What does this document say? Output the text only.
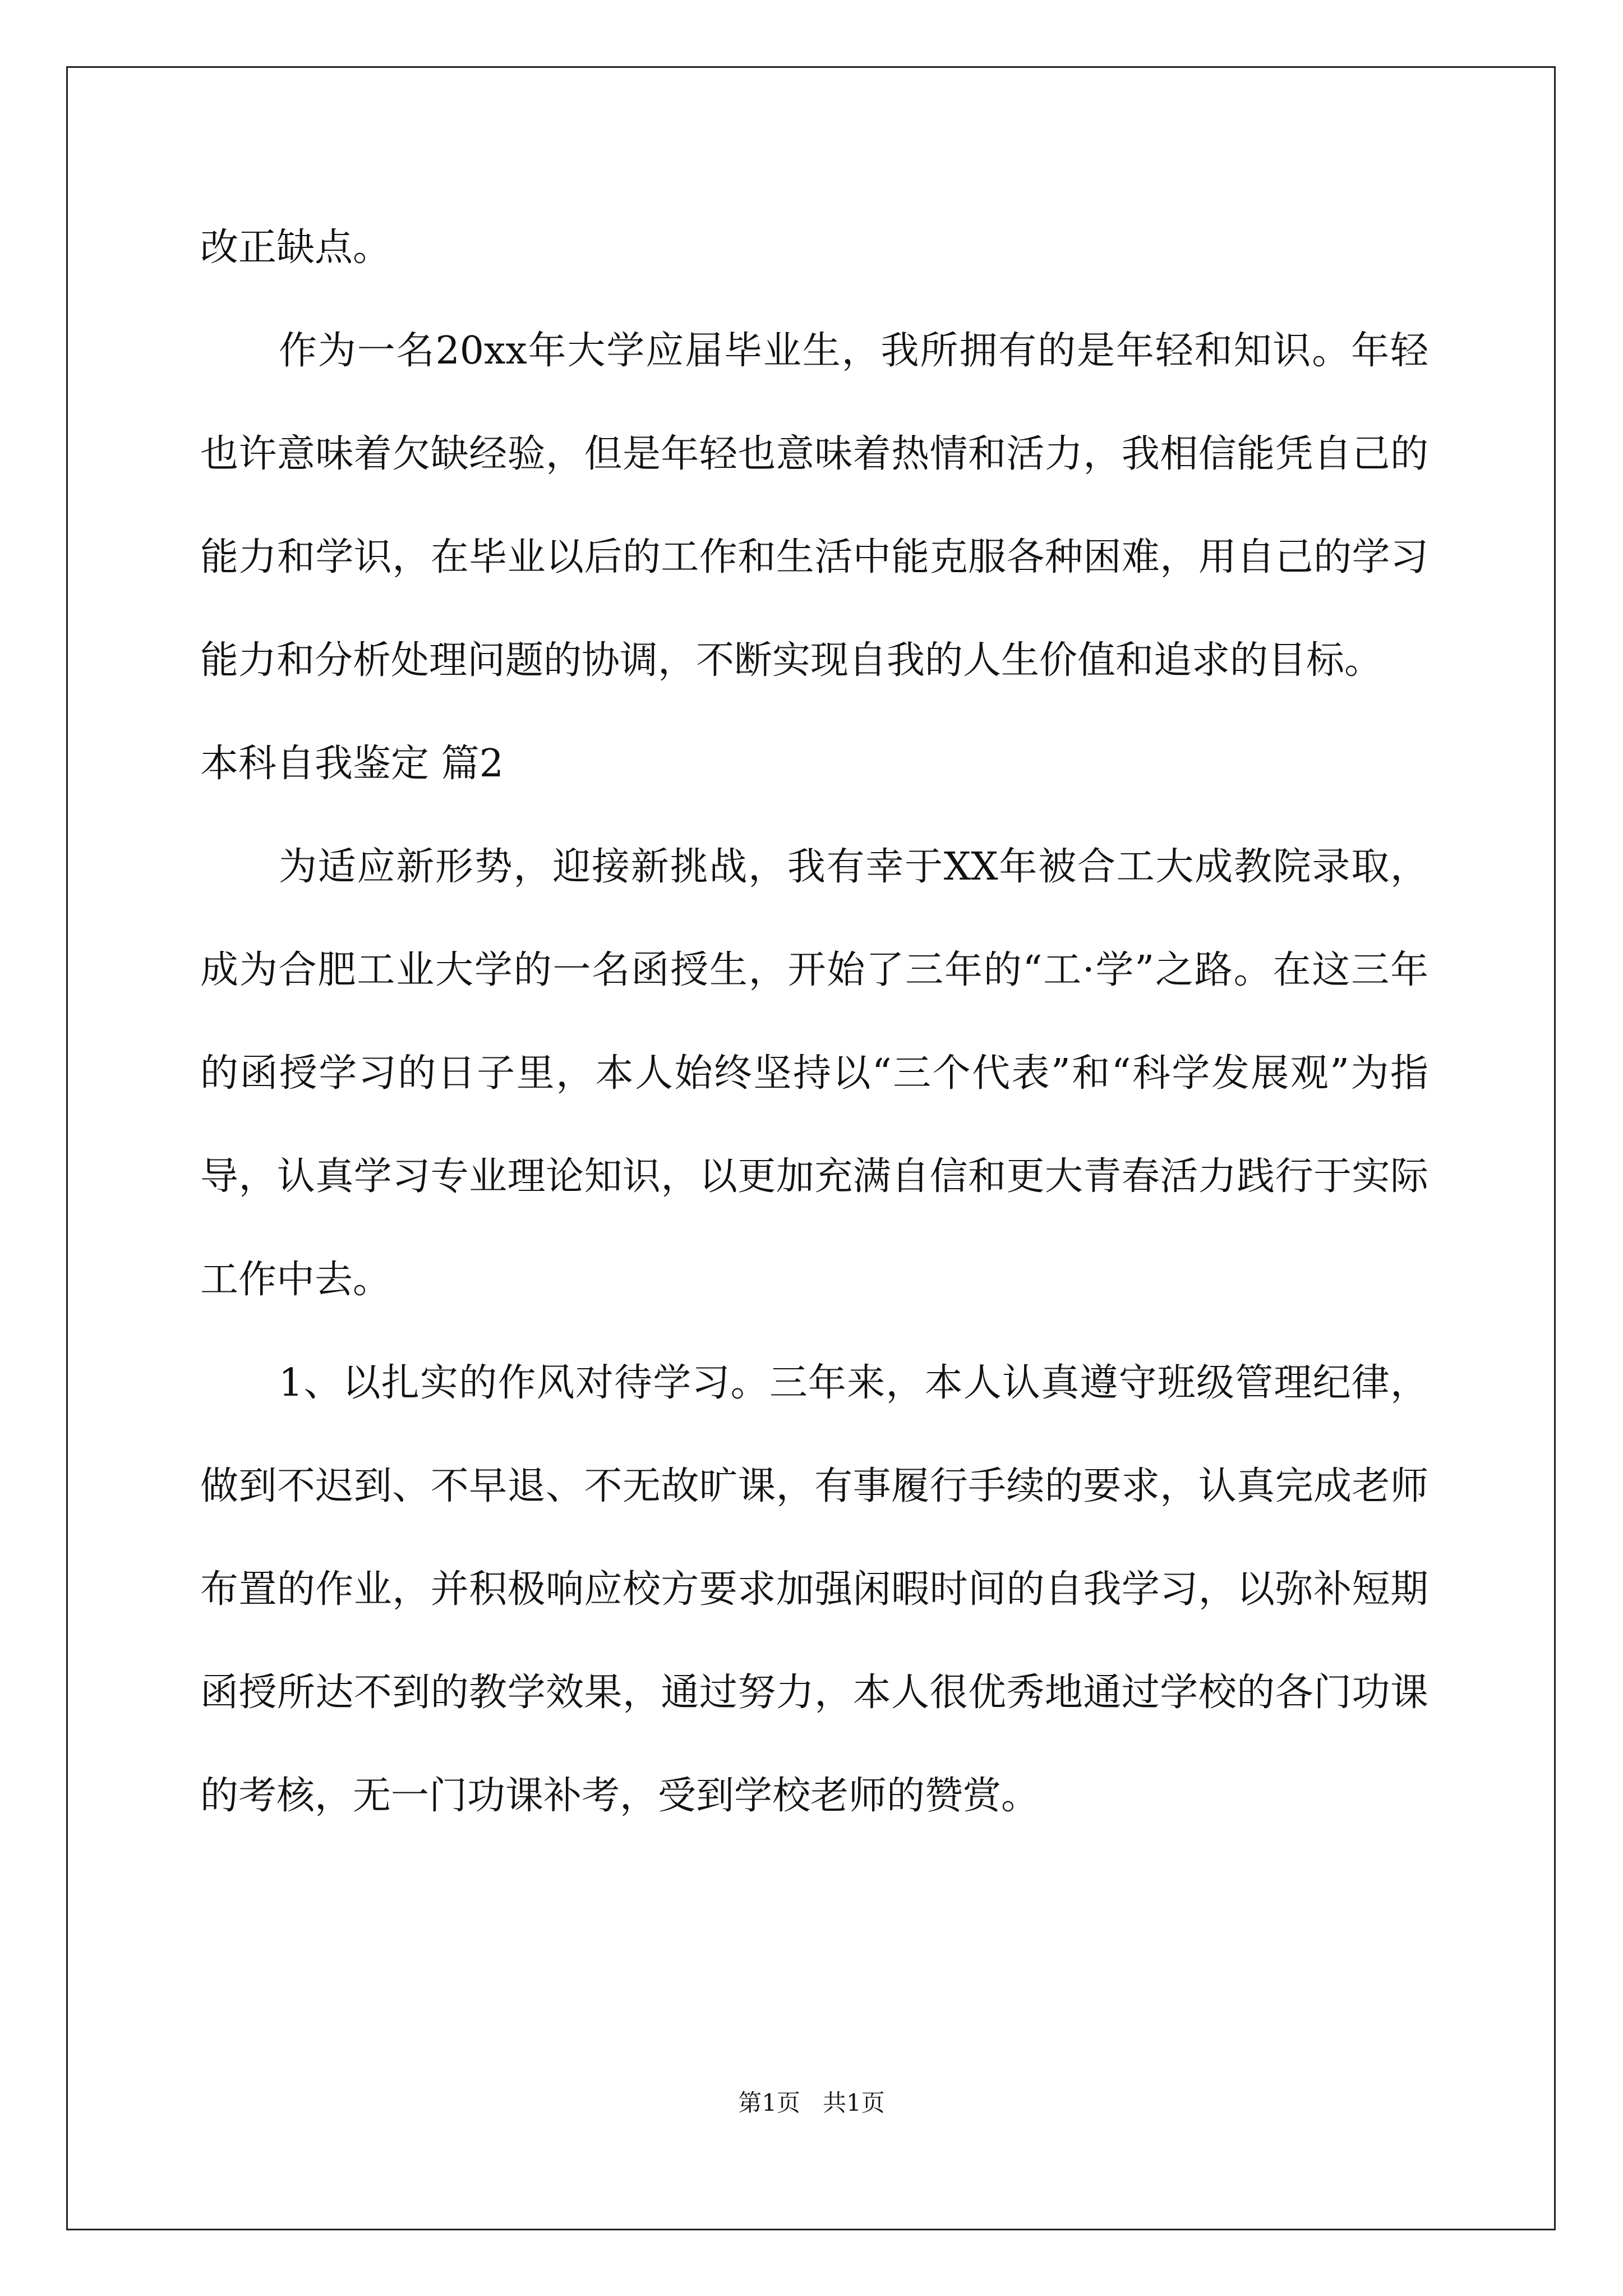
改正缺点。

作为一名20xx年大学应届毕业生，我所拥有的是年轻和知识。年轻也许意味着欠缺经验，但是年轻也意味着热情和活力，我相信能凭自己的能力和学识，在毕业以后的工作和生活中能克服各种困难，用自己的学习能力和分析处理问题的协调，不断实现自我的人生价值和追求的目标。

本科自我鉴定 篇2

为适应新形势，迎接新挑战，我有幸于XX年被合工大成教院录取，成为合肥工业大学的一名函授生，开始了三年的“工·学”之路。在这三年的函授学习的日子里，本人始终坚持以“三个代表”和“科学发展观”为指导，认真学习专业理论知识，以更加充满自信和更大青春活力践行于实际工作中去。

1、以扎实的作风对待学习。三年来，本人认真遵守班级管理纪律，做到不迟到、不早退、不无故旷课，有事履行手续的要求，认真完成老师布置的作业，并积极响应校方要求加强闲暇时间的自我学习，以弥补短期函授所达不到的教学效果，通过努力，本人很优秀地通过学校的各门功课的考核，无一门功课补考，受到学校老师的赞赏。

第1页   共1页
